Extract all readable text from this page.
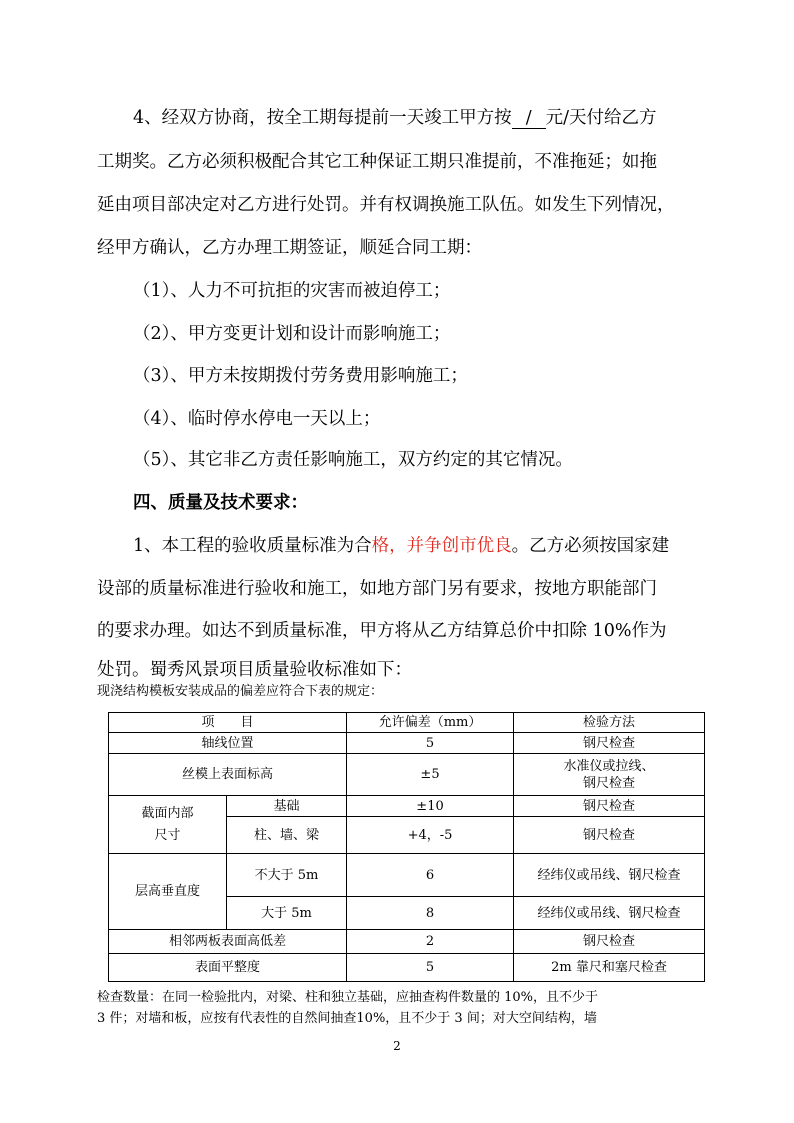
4、经双方协商，按全工期每提前一天竣工甲方按 / 元/天付给乙方

工期奖。乙方必须积极配合其它工种保证工期只准提前，不准拖延；如拖

延由项目部决定对乙方进行处罚。并有权调换施工队伍。如发生下列情况，

经甲方确认，乙方办理工期签证，顺延合同工期：

（1）、人力不可抗拒的灾害而被迫停工；

（2）、甲方变更计划和设计而影响施工；

（3）、甲方未按期拨付劳务费用影响施工；

（4）、临时停水停电一天以上；

（5）、其它非乙方责任影响施工，双方约定的其它情况。

四、质量及技术要求：

1、本工程的验收质量标准为合格，并争创市优良。乙方必须按国家建

设部的质量标准进行验收和施工，如地方部门另有要求，按地方职能部门

的要求办理。如达不到质量标准，甲方将从乙方结算总价中扣除 10%作为

处罚。蜀秀风景项目质量验收标准如下：

现浇结构模板安装成品的偏差应符合下表的规定：

项　　目		允许偏差（mm）	检验方法
轴线位置		5	钢尺检查
丝模上表面标高		±5	水准仪或拉线、
钢尺检查

截面内部尺寸	基础	±10	钢尺检查
	柱、墙、梁	+4，-5	钢尺检查
层高垂直度	不大于 5m	6	经纬仪或吊线、钢尺检查
	大于 5m	8	经纬仪或吊线、钢尺检查
相邻两板表面高低差		2	钢尺检查
表面平整度		5	2m 靠尺和塞尺检查

检查数量：在同一检验批内，对梁、柱和独立基础，应抽查构件数量的 10%，且不少于

3 件；对墙和板，应按有代表性的自然间抽查10%，且不少于 3 间；对大空间结构，墙

2
